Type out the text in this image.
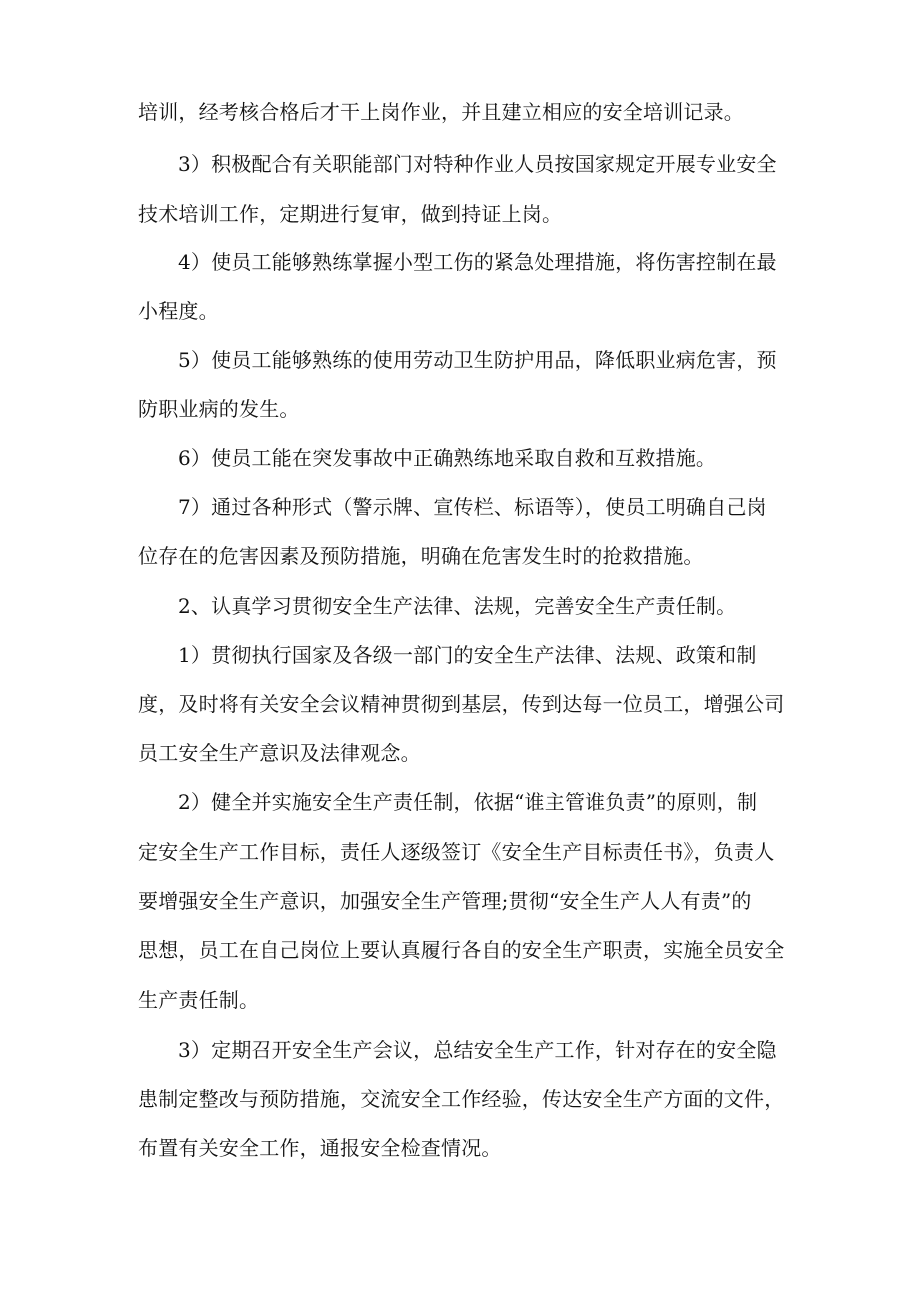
培训，经考核合格后才干上岗作业，并且建立相应的安全培训记录。
3）积极配合有关职能部门对特种作业人员按国家规定开展专业安全
技术培训工作，定期进行复审，做到持证上岗。
4）使员工能够熟练掌握小型工伤的紧急处理措施，将伤害控制在最
小程度。
5）使员工能够熟练的使用劳动卫生防护用品，降低职业病危害，预
防职业病的发生。
6）使员工能在突发事故中正确熟练地采取自救和互救措施。
7）通过各种形式（警示牌、宣传栏、标语等），使员工明确自己岗
位存在的危害因素及预防措施，明确在危害发生时的抢救措施。
2、认真学习贯彻安全生产法律、法规，完善安全生产责任制。
1）贯彻执行国家及各级一部门的安全生产法律、法规、政策和制
度，及时将有关安全会议精神贯彻到基层，传到达每一位员工，增强公司
员工安全生产意识及法律观念。
2）健全并实施安全生产责任制，依据“谁主管谁负责”的原则，制
定安全生产工作目标，责任人逐级签订《安全生产目标责任书》，负责人
要增强安全生产意识，加强安全生产管理;贯彻“安全生产人人有责”的
思想，员工在自己岗位上要认真履行各自的安全生产职责，实施全员安全
生产责任制。
3）定期召开安全生产会议，总结安全生产工作，针对存在的安全隐
患制定整改与预防措施，交流安全工作经验，传达安全生产方面的文件，
布置有关安全工作，通报安全检查情况。
